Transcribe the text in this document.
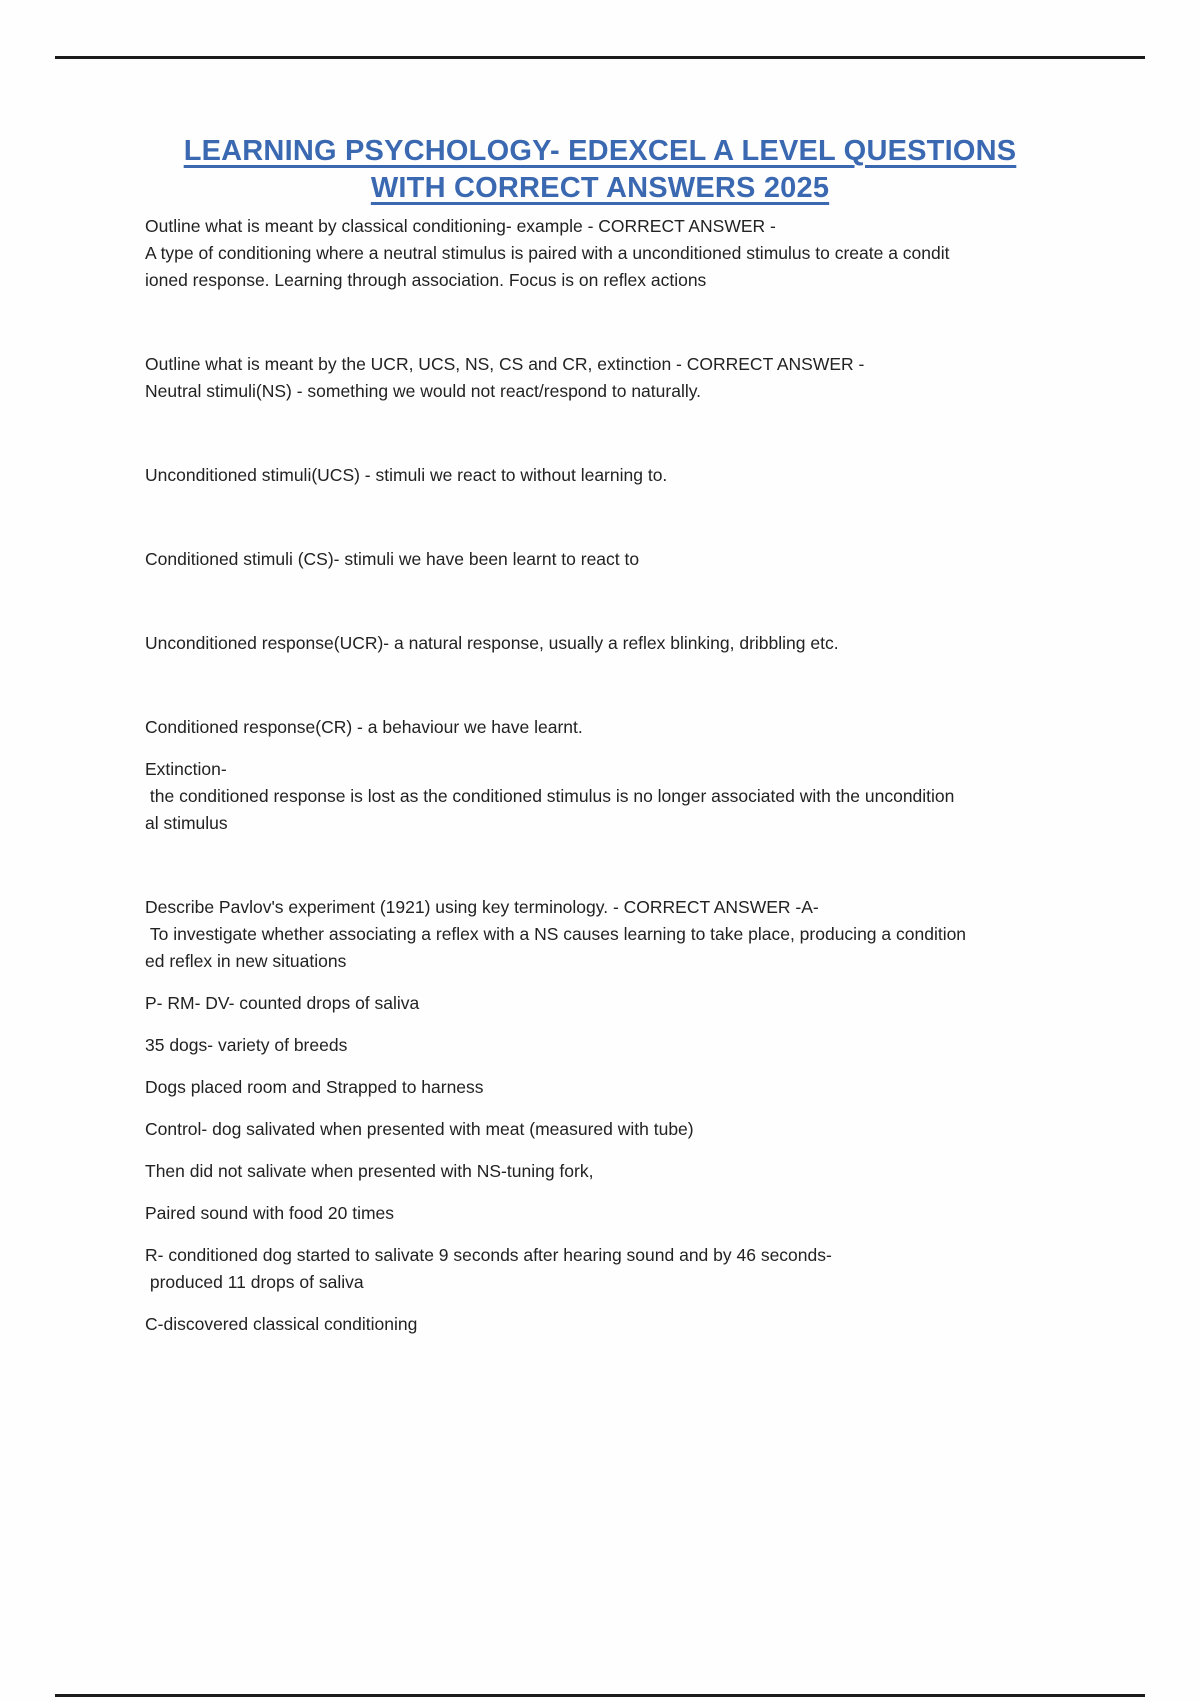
LEARNING PSYCHOLOGY- EDEXCEL A LEVEL QUESTIONS
WITH CORRECT ANSWERS 2025
Outline what is meant by classical conditioning- example - CORRECT ANSWER -
A type of conditioning where a neutral stimulus is paired with a unconditioned stimulus to create a condit
ioned response. Learning through association. Focus is on reflex actions
Outline what is meant by the UCR, UCS, NS, CS and CR, extinction - CORRECT ANSWER -
Neutral stimuli(NS) - something we would not react/respond to naturally.
Unconditioned stimuli(UCS) - stimuli we react to without learning to.
Conditioned stimuli (CS)- stimuli we have been learnt to react to
Unconditioned response(UCR)- a natural response, usually a reflex blinking, dribbling etc.
Conditioned response(CR) - a behaviour we have learnt.
Extinction-
the conditioned response is lost as the conditioned stimulus is no longer associated with the uncondition
al stimulus
Describe Pavlov's experiment (1921) using key terminology. - CORRECT ANSWER -A-
To investigate whether associating a reflex with a NS causes learning to take place, producing a condition
ed reflex in new situations
P- RM- DV- counted drops of saliva
35 dogs- variety of breeds
Dogs placed room and Strapped to harness
Control- dog salivated when presented with meat (measured with tube)
Then did not salivate when presented with NS-tuning fork,
Paired sound with food 20 times
R- conditioned dog started to salivate 9 seconds after hearing sound and by 46 seconds-
produced 11 drops of saliva
C-discovered classical conditioning
